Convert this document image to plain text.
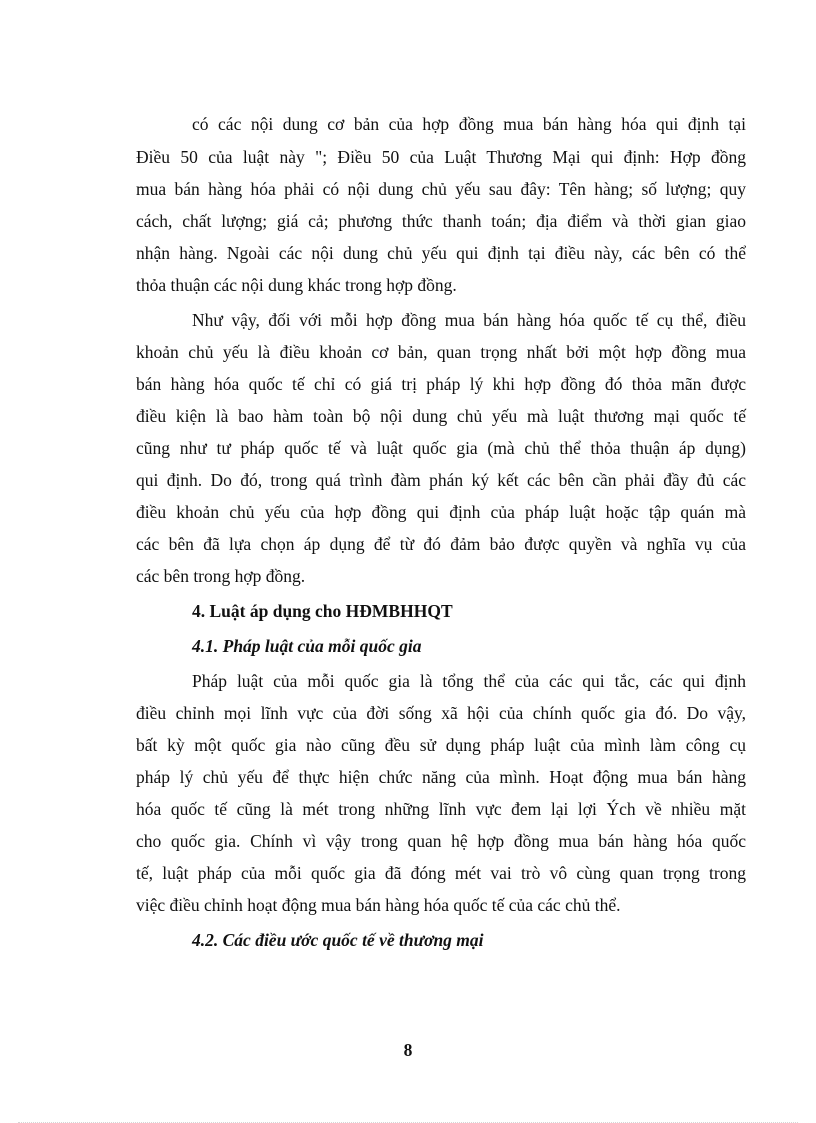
có các nội dung cơ bản của hợp đồng mua bán hàng hóa qui định tại

Điều 50 của luật này "; Điều 50 của Luật Thương Mại qui định: Hợp đồng

mua bán hàng hóa phải có nội dung chủ yếu sau đây: Tên hàng; số lượng; quy

cách, chất lượng; giá cả; phương thức thanh toán; địa điểm và thời gian giao

nhận hàng. Ngoài các nội dung chủ yếu qui định tại điều này, các bên có thể

thỏa thuận các nội dung khác trong hợp đồng.

Như vậy, đối với mỗi hợp đồng mua bán hàng hóa quốc tế cụ thể, điều

khoản chủ yếu là điều khoản cơ bản, quan trọng nhất bởi một hợp đồng mua

bán hàng hóa quốc tế chỉ có giá trị pháp lý khi hợp đồng đó thỏa mãn được

điều kiện là bao hàm toàn bộ nội dung chủ yếu mà luật thương mại quốc tế

cũng như tư pháp quốc tế và luật quốc gia (mà chủ thể thỏa thuận áp dụng)

qui định. Do đó, trong quá trình đàm phán ký kết các bên cần phải đầy đủ các

điều khoản chủ yếu của hợp đồng qui định của pháp luật hoặc tập quán mà

các bên đã lựa chọn áp dụng để từ đó đảm bảo được quyền và nghĩa vụ của

các bên trong hợp đồng.

4. Luật áp dụng cho HĐMBHHQT
4.1. Pháp luật của mỗi quốc gia

Pháp luật của mỗi quốc gia là tổng thể của các qui tắc, các qui định

điều chỉnh mọi lĩnh vực của đời sống xã hội của chính quốc gia đó. Do vậy,

bất kỳ một quốc gia nào cũng đều sử dụng pháp luật của mình làm công cụ

pháp lý chủ yếu để thực hiện chức năng của mình. Hoạt động mua bán hàng

hóa quốc tế cũng là mét trong những lĩnh vực đem lại lợi Ých về nhiều mặt

cho quốc gia. Chính vì vậy trong quan hệ hợp đồng mua bán hàng hóa quốc

tế, luật pháp của mỗi quốc gia đã đóng mét vai trò vô cùng quan trọng trong

việc điều chỉnh hoạt động mua bán hàng hóa quốc tế của các chủ thể.

4.2. Các điều ước quốc tế về thương mại

8
